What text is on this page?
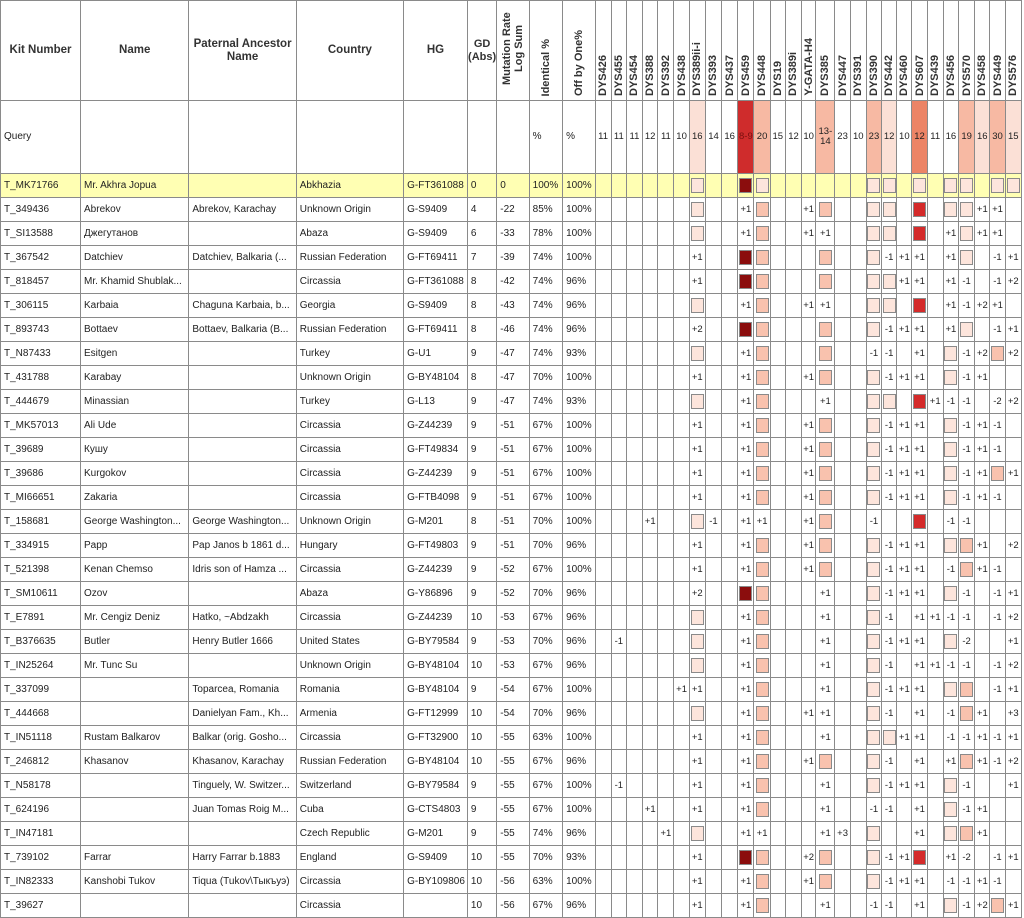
Kit Number	Name	Paternal Ancestor Name	Country	HG	GD (Abs)	Mutation Rate Log Sum	Identical %	Off by One%	DYS426	DYS455	DYS454	DYS388	DYS392	DYS438	DYS389ii-i	DYS393	DYS437	DYS459	DYS448	DYS19	DYS389i	Y-GATA-H4	DYS385	DYS447	DYS391	DYS390	DYS442	DYS460	DYS607	DYS439	DYS456	DYS570	DYS458	DYS449	DYS576

Query							%	%	11	11	11	12	11	10	16	14	16	8-9	20	15	12	10	13-14	23	10	23	12	10	12	11	16	19	16	30	15
T_MK71766	Mr. Akhra Jopua		Abkhazia	G-FT361088	0	0	100%	100%																											
T_349436	Abrekov	Abrekov, Karachay	Unknown Origin	G-S9409	4	-22	85%	100%										+1				+1											+1	+1	
T_SI13588	Джегутанов		Abaza	G-S9409	6	-33	78%	100%										+1				+1	+1								+1		+1	+1	
T_367542	Datchiev	Datchiev, Balkaria (...	Russian Federation	G-FT69411	7	-39	74%	100%							+1												-1	+1	+1		+1			-1	+1
T_818457	Mr. Khamid Shublak...		Circassia	G-FT361088	8	-42	74%	96%							+1													+1	+1		+1	-1		-1	+2
T_306115	Karbaia	Chaguna Karbaia, b...	Georgia	G-S9409	8	-43	74%	96%										+1				+1	+1								+1	-1	+2	+1	
T_893743	Bottaev	Bottaev, Balkaria (B...	Russian Federation	G-FT69411	8	-46	74%	96%							+2												-1	+1	+1		+1			-1	+1
T_N87433	Esitgen		Turkey	G-U1	9	-47	74%	93%										+1								-1	-1		+1			-1	+2		+2
T_431788	Karabay		Unknown Origin	G-BY48104	8	-47	70%	100%							+1			+1				+1					-1	+1	+1			-1	+1		
T_444679	Minassian		Turkey	G-L13	9	-47	74%	93%										+1					+1							+1	-1	-1		-2	+2
T_MK57013	Ali Ude		Circassia	G-Z44239	9	-51	67%	100%							+1			+1				+1					-1	+1	+1			-1	+1	-1	
T_39689	Кушу		Circassia	G-FT49834	9	-51	67%	100%							+1			+1				+1					-1	+1	+1			-1	+1	-1	
T_39686	Kurgokov		Circassia	G-Z44239	9	-51	67%	100%							+1			+1				+1					-1	+1	+1			-1	+1		+1
T_MI66651	Zakaria		Circassia	G-FTB4098	9	-51	67%	100%							+1			+1				+1					-1	+1	+1			-1	+1	-1	
T_158681	George Washington...	George Washington...	Unknown Origin	G-M201	8	-51	70%	100%				+1				-1		+1	+1			+1				-1					-1	-1			
T_334915	Papp	Pap Janos b 1861 d...	Hungary	G-FT49803	9	-51	70%	96%							+1			+1				+1					-1	+1	+1				+1		+2
T_521398	Kenan Chemso	Idris son of Hamza ...	Circassia	G-Z44239	9	-52	67%	100%							+1			+1				+1					-1	+1	+1		-1		+1	-1	
T_SM10611	Ozov		Abaza	G-Y86896	9	-52	70%	96%							+2								+1				-1	+1	+1			-1		-1	+1
T_E7891	Mr. Cengiz Deniz	Hatko, ~Abdzakh	Circassia	G-Z44239	10	-53	67%	96%										+1					+1				-1		+1	+1	-1	-1		-1	+2
T_B376635	Butler	Henry Butler 1666	United States	G-BY79584	9	-53	70%	96%		-1								+1					+1				-1	+1	+1			-2			+1
T_IN25264	Mr. Tunc Su		Unknown Origin	G-BY48104	10	-53	67%	96%										+1					+1				-1		+1	+1	-1	-1		-1	+2
T_337099		Toparcea, Romania	Romania	G-BY48104	9	-54	67%	100%						+1	+1			+1					+1				-1	+1	+1					-1	+1
T_444668		Danielyan Fam., Kh...	Armenia	G-FT12999	10	-54	70%	96%										+1				+1	+1				-1		+1		-1		+1		+3
T_IN51118	Rustam Balkarov	Balkar (orig. Gosho...	Circassia	G-FT32900	10	-55	63%	100%							+1			+1					+1					+1	+1		-1	-1	+1	-1	+1
T_246812	Khasanov	Khasanov, Karachay	Russian Federation	G-BY48104	10	-55	67%	96%							+1			+1				+1					-1		+1		+1		+1	-1	+2
T_N58178		Tinguely, W. Switzer...	Switzerland	G-BY79584	9	-55	67%	100%		-1					+1			+1					+1				-1	+1	+1			-1			+1
T_624196		Juan Tomas Roig M...	Cuba	G-CTS4803	9	-55	67%	100%				+1			+1			+1					+1			-1	-1		+1			-1	+1		
T_IN47181			Czech Republic	G-M201	9	-55	74%	96%					+1					+1	+1				+1	+3					+1				+1		
T_739102	Farrar	Harry Farrar b.1883	England	G-S9409	10	-55	70%	93%							+1							+2					-1	+1			+1	-2		-1	+1
T_IN82333	Kanshobi Tukov	Tiqua (Tukov\Тыкъуэ)	Circassia	G-BY109806	10	-56	63%	100%							+1			+1				+1					-1	+1	+1		-1	-1	+1	-1	
T_39627			Circassia		10	-56	67%	96%							+1			+1					+1			-1	-1		+1			-1	+2		+1
